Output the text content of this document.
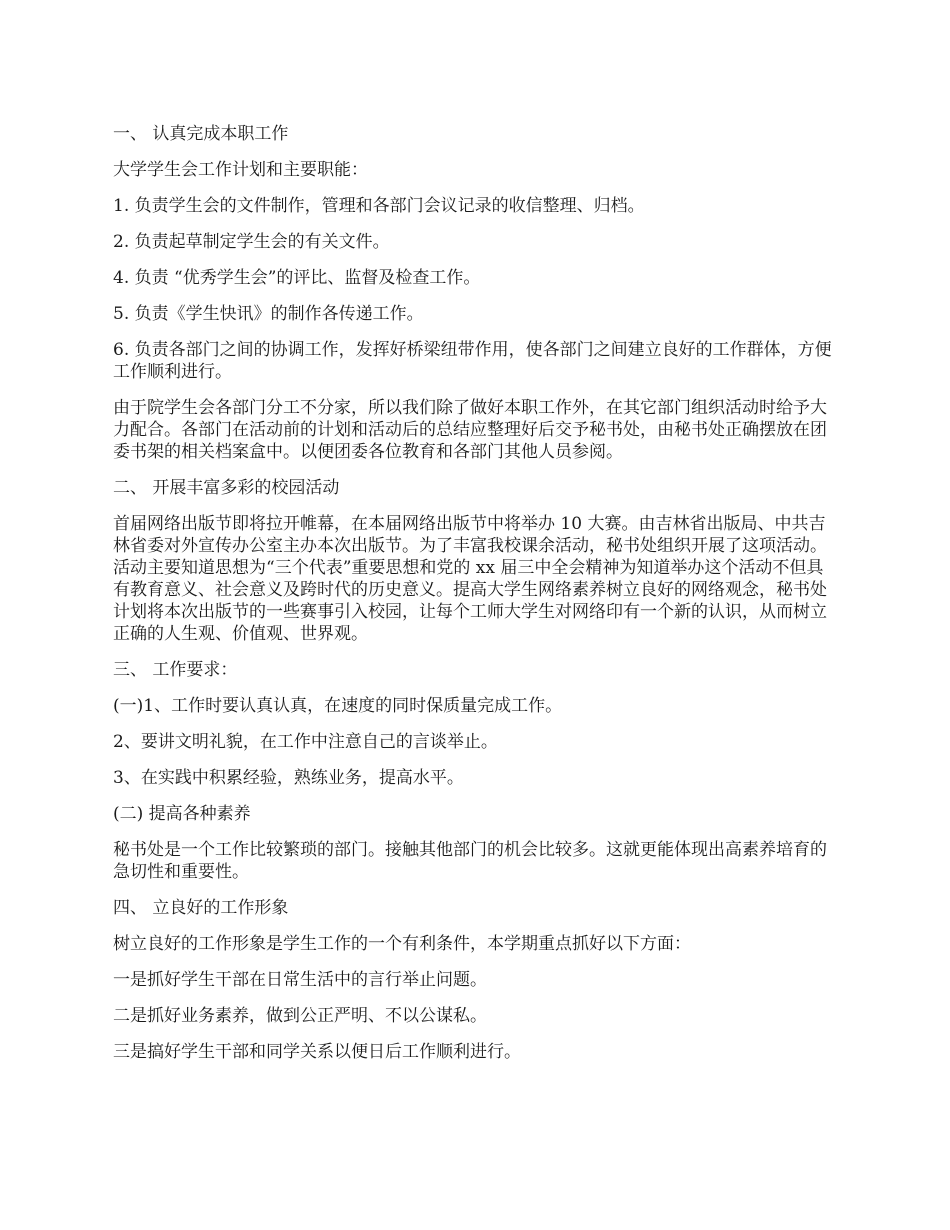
一、 认真完成本职工作

大学学生会工作计划和主要职能：

1. 负责学生会的文件制作，管理和各部门会议记录的收信整理、归档。

2. 负责起草制定学生会的有关文件。

4. 负责 “优秀学生会”的评比、监督及检查工作。

5. 负责《学生快讯》的制作各传递工作。

6. 负责各部门之间的协调工作，发挥好桥梁纽带作用，使各部门之间建立良好的工作群体，方便工作顺利进行。

由于院学生会各部门分工不分家，所以我们除了做好本职工作外，在其它部门组织活动时给予大力配合。各部门在活动前的计划和活动后的总结应整理好后交予秘书处，由秘书处正确摆放在团委书架的相关档案盒中。以便团委各位教育和各部门其他人员参阅。

二、 开展丰富多彩的校园活动

首届网络出版节即将拉开帷幕，在本届网络出版节中将举办 10 大赛。由吉林省出版局、中共吉林省委对外宣传办公室主办本次出版节。为了丰富我校课余活动，秘书处组织开展了这项活动。活动主要知道思想为“三个代表”重要思想和党的 xx 届三中全会精神为知道举办这个活动不但具有教育意义、社会意义及跨时代的历史意义。提高大学生网络素养树立良好的网络观念，秘书处计划将本次出版节的一些赛事引入校园，让每个工师大学生对网络印有一个新的认识，从而树立正确的人生观、价值观、世界观。

三、 工作要求：

(一)1、工作时要认真认真，在速度的同时保质量完成工作。

2、要讲文明礼貌，在工作中注意自己的言谈举止。

3、在实践中积累经验，熟练业务，提高水平。

(二) 提高各种素养

秘书处是一个工作比较繁琐的部门。接触其他部门的机会比较多。这就更能体现出高素养培育的急切性和重要性。

四、 立良好的工作形象

树立良好的工作形象是学生工作的一个有利条件，本学期重点抓好以下方面：

一是抓好学生干部在日常生活中的言行举止问题。

二是抓好业务素养，做到公正严明、不以公谋私。

三是搞好学生干部和同学关系以便日后工作顺利进行。
